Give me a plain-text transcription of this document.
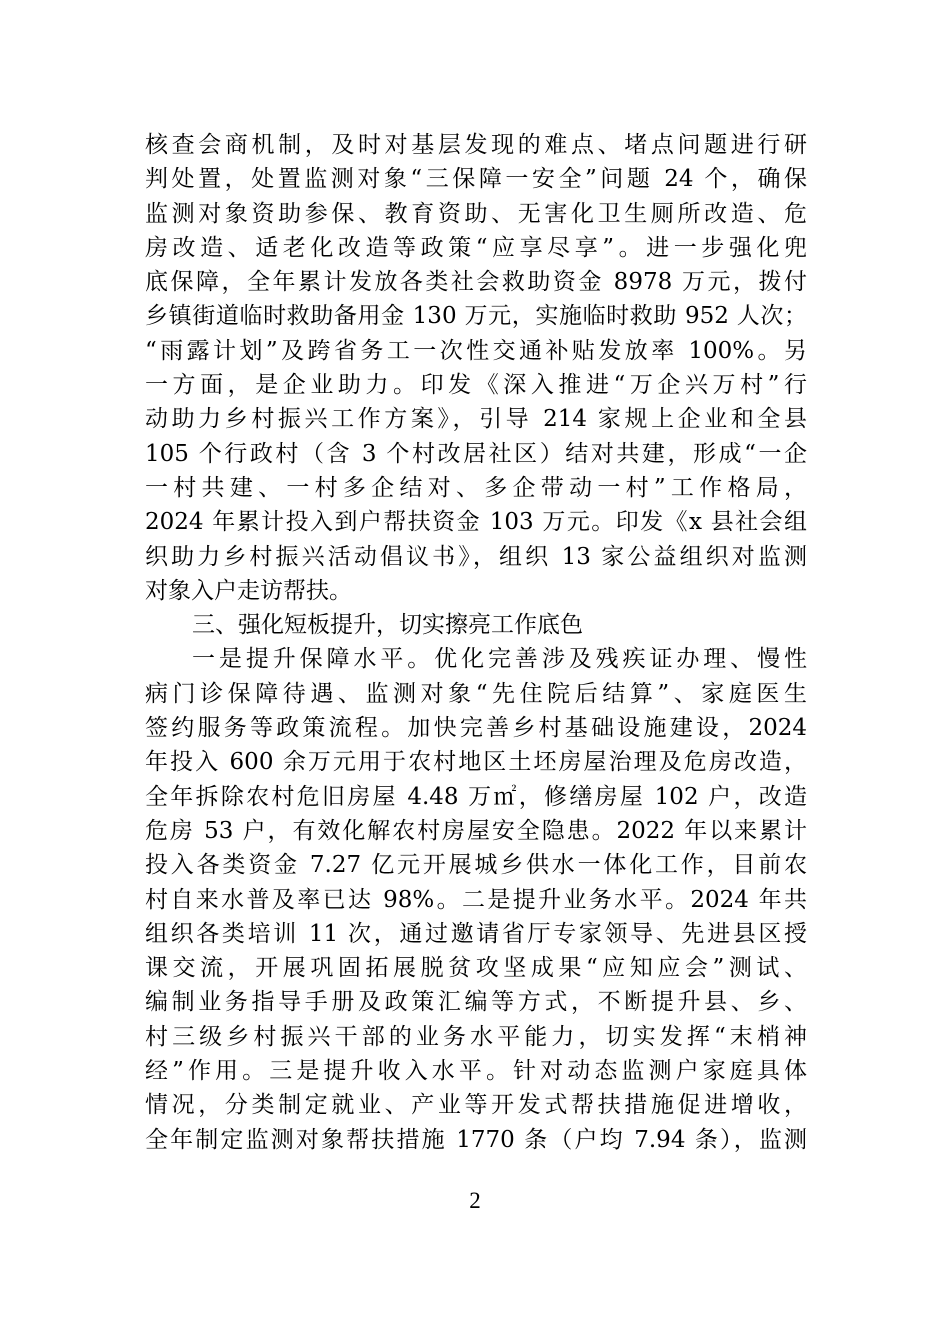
核查会商机制，及时对基层发现的难点、堵点问题进行研
判处置，处置监测对象“三保障一安全”问题 24 个，确保
监测对象资助参保、教育资助、无害化卫生厕所改造、危
房改造、适老化改造等政策“应享尽享”。进一步强化兜
底保障，全年累计发放各类社会救助资金 8978 万元，拨付
乡镇街道临时救助备用金 130 万元，实施临时救助 952 人次；
“雨露计划”及跨省务工一次性交通补贴发放率 100%。另
一方面，是企业助力。印发《深入推进“万企兴万村”行
动助力乡村振兴工作方案》，引导 214 家规上企业和全县
105 个行政村（含 3 个村改居社区）结对共建，形成“一企
一村共建、一村多企结对、多企带动一村”工作格局，
2024 年累计投入到户帮扶资金 103 万元。印发《x 县社会组
织助力乡村振兴活动倡议书》，组织 13 家公益组织对监测
对象入户走访帮扶。
三、强化短板提升，切实擦亮工作底色
一是提升保障水平。优化完善涉及残疾证办理、慢性
病门诊保障待遇、监测对象“先住院后结算”、家庭医生
签约服务等政策流程。加快完善乡村基础设施建设，2024
年投入 600 余万元用于农村地区土坯房屋治理及危房改造，
全年拆除农村危旧房屋 4.48 万㎡，修缮房屋 102 户，改造
危房 53 户，有效化解农村房屋安全隐患。2022 年以来累计
投入各类资金 7.27 亿元开展城乡供水一体化工作，目前农
村自来水普及率已达 98%。二是提升业务水平。2024 年共
组织各类培训 11 次，通过邀请省厅专家领导、先进县区授
课交流，开展巩固拓展脱贫攻坚成果“应知应会”测试、
编制业务指导手册及政策汇编等方式，不断提升县、乡、
村三级乡村振兴干部的业务水平能力，切实发挥“末梢神
经”作用。三是提升收入水平。针对动态监测户家庭具体
情况，分类制定就业、产业等开发式帮扶措施促进增收，
全年制定监测对象帮扶措施 1770 条（户均 7.94 条），监测
2
